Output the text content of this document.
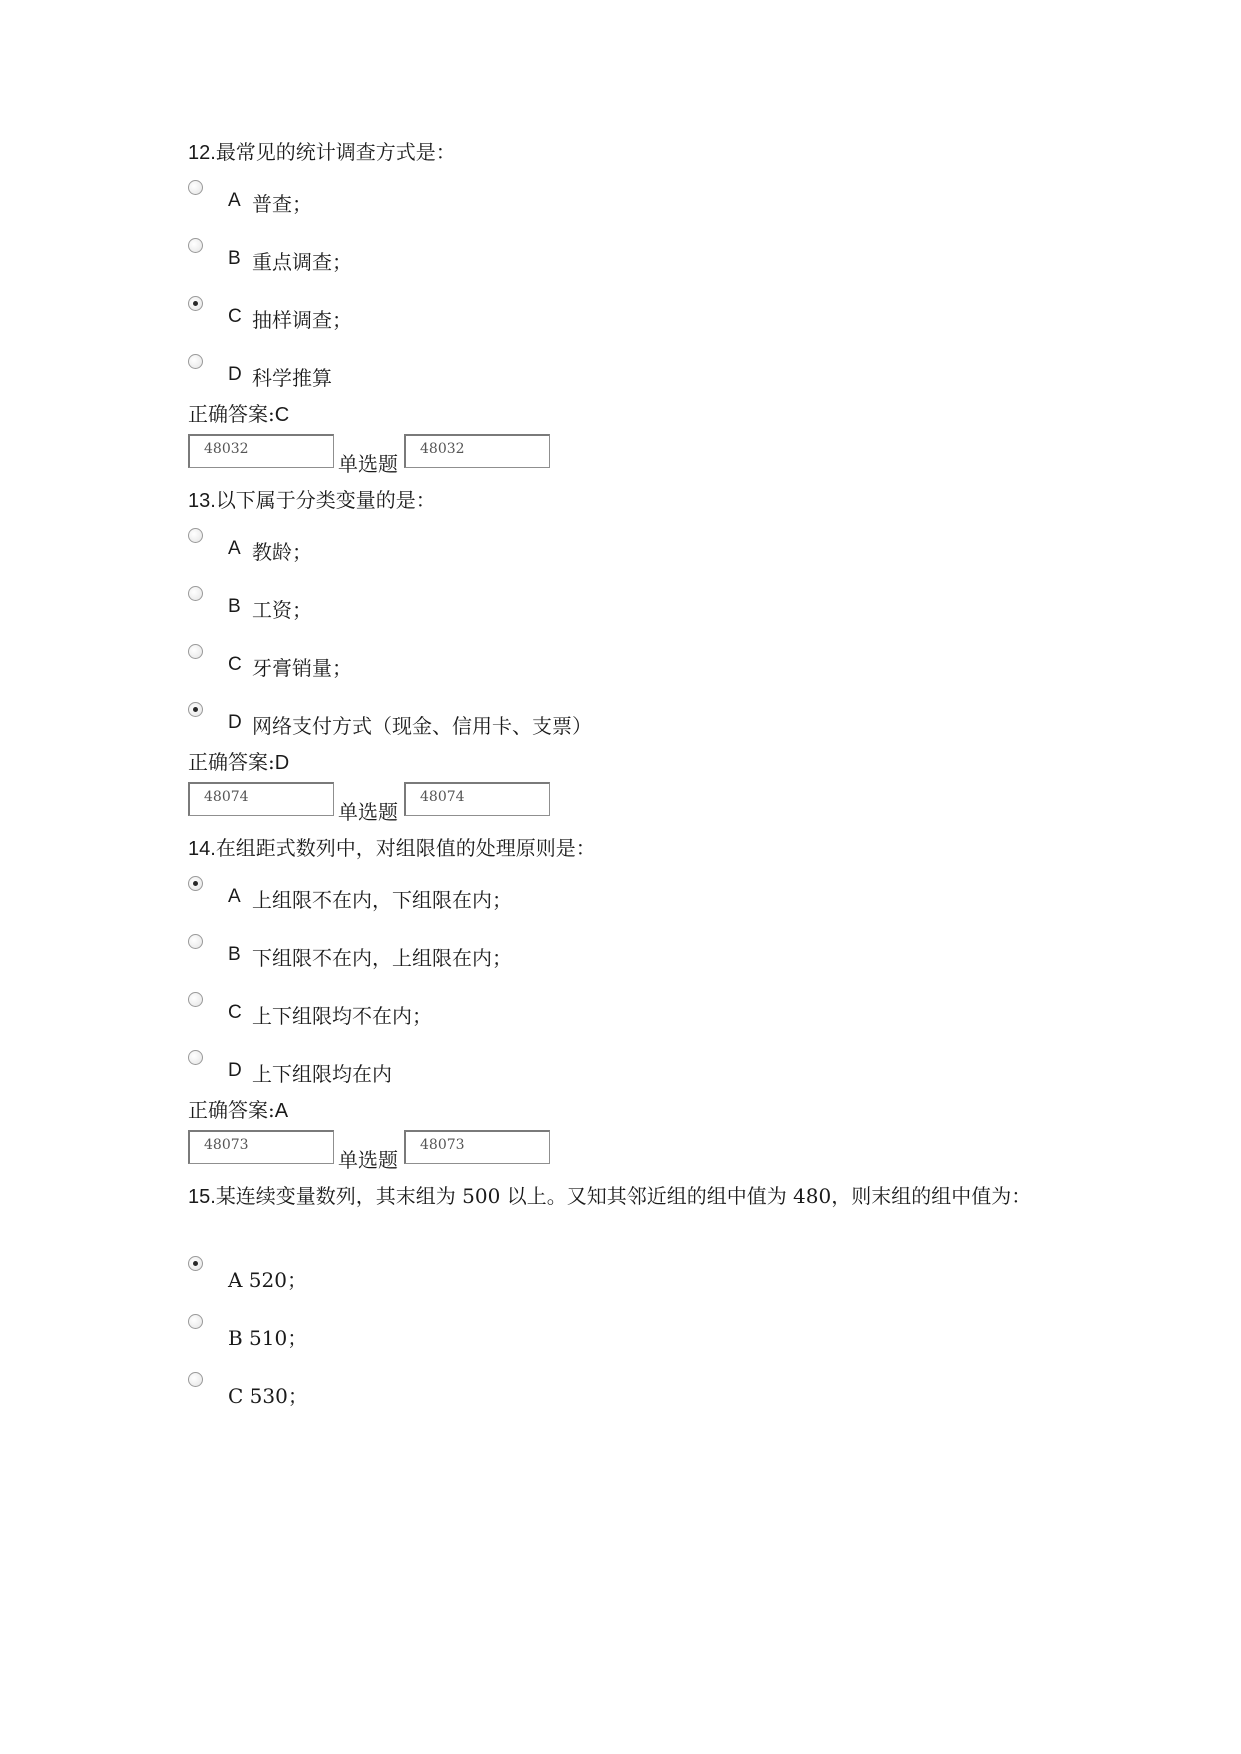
12.最常见的统计调查方式是：
A 普查；
B 重点调查；
C 抽样调查；
D 科学推算
正确答案:C
48032
单选题
48032
13.以下属于分类变量的是：
A 教龄；
B 工资；
C 牙膏销量；
D 网络支付方式（现金、信用卡、支票）
正确答案:D
48074
单选题
48074
14.在组距式数列中，对组限值的处理原则是：
A 上组限不在内，下组限在内；
B 下组限不在内，上组限在内；
C 上下组限均不在内；
D 上下组限均在内
正确答案:A
48073
单选题
48073
15.某连续变量数列，其末组为 500 以上。又知其邻近组的组中值为 480，则末组的组中值为：
A 520；
B 510；
C 530；
